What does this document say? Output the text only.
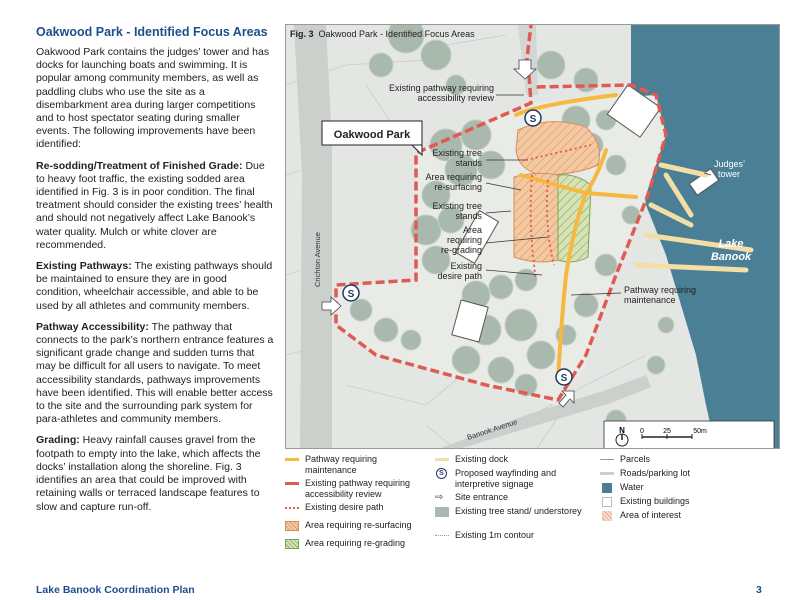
Oakwood Park - Identified Focus Areas

Oakwood Park contains the judges’ tower and has docks for launching boats and swimming. It is popular among community members, as well as paddling clubs who use the site as a disembarkment area during larger competitions and to host spectator seating during smaller events. The following improvements have been identified:

Re-sodding/Treatment of Finished Grade: Due to heavy foot traffic, the existing sodded area identified in Fig. 3 is in poor condition. The final treatment should consider the existing trees’ health and should not negatively affect Lake Banook’s water quality. Mulch or white clover are recommended.

Existing Pathways: The existing pathways should be maintained to ensure they are in good condition, wheelchair accessible, and able to be used by all athletes and community members.

Pathway Accessibility: The pathway that connects to the park’s northern entrance features a significant grade change and sudden turns that may be difficult for all users to navigate. To meet accessibility standards, pathways improvements have been identified. This will enable better access to the site and the surrounding park system for para-athletes and community members.

Grading: Heavy rainfall causes gravel from the footpath to empty into the lake, which affects the docks’ installation along the shoreline. Fig. 3 identifies an area that could be improved with retaining walls or terraced landscape features to slow and capture run-off.

Fig. 3 Oakwood Park - Identified Focus Areas
S
S
S
Oakwood Park
Existing pathway requiring
accessibility review
Existing tree
stands
Area requiring
re-surfacing
Existing tree
stands
Area
requiring
re-grading
Existing
desire path
Pathway requiring
maintenance
Judges’
tower
Lake
Banook
Crichton Avenue
Banook Avenue	N 0	25	50m
Pathway requiring maintenance
Existing pathway requiring accessibility review
Existing desire path
Area requiring re-surfacing
Area requiring re-grading
Existing dock
S	Proposed wayfinding and interpretive signage
⇨	Site entrance
Existing tree stand/ understorey
Existing 1m contour
Parcels
Roads/parking lot
Water
Existing buildings
Area of interest
Lake Banook Coordination Plan	3
